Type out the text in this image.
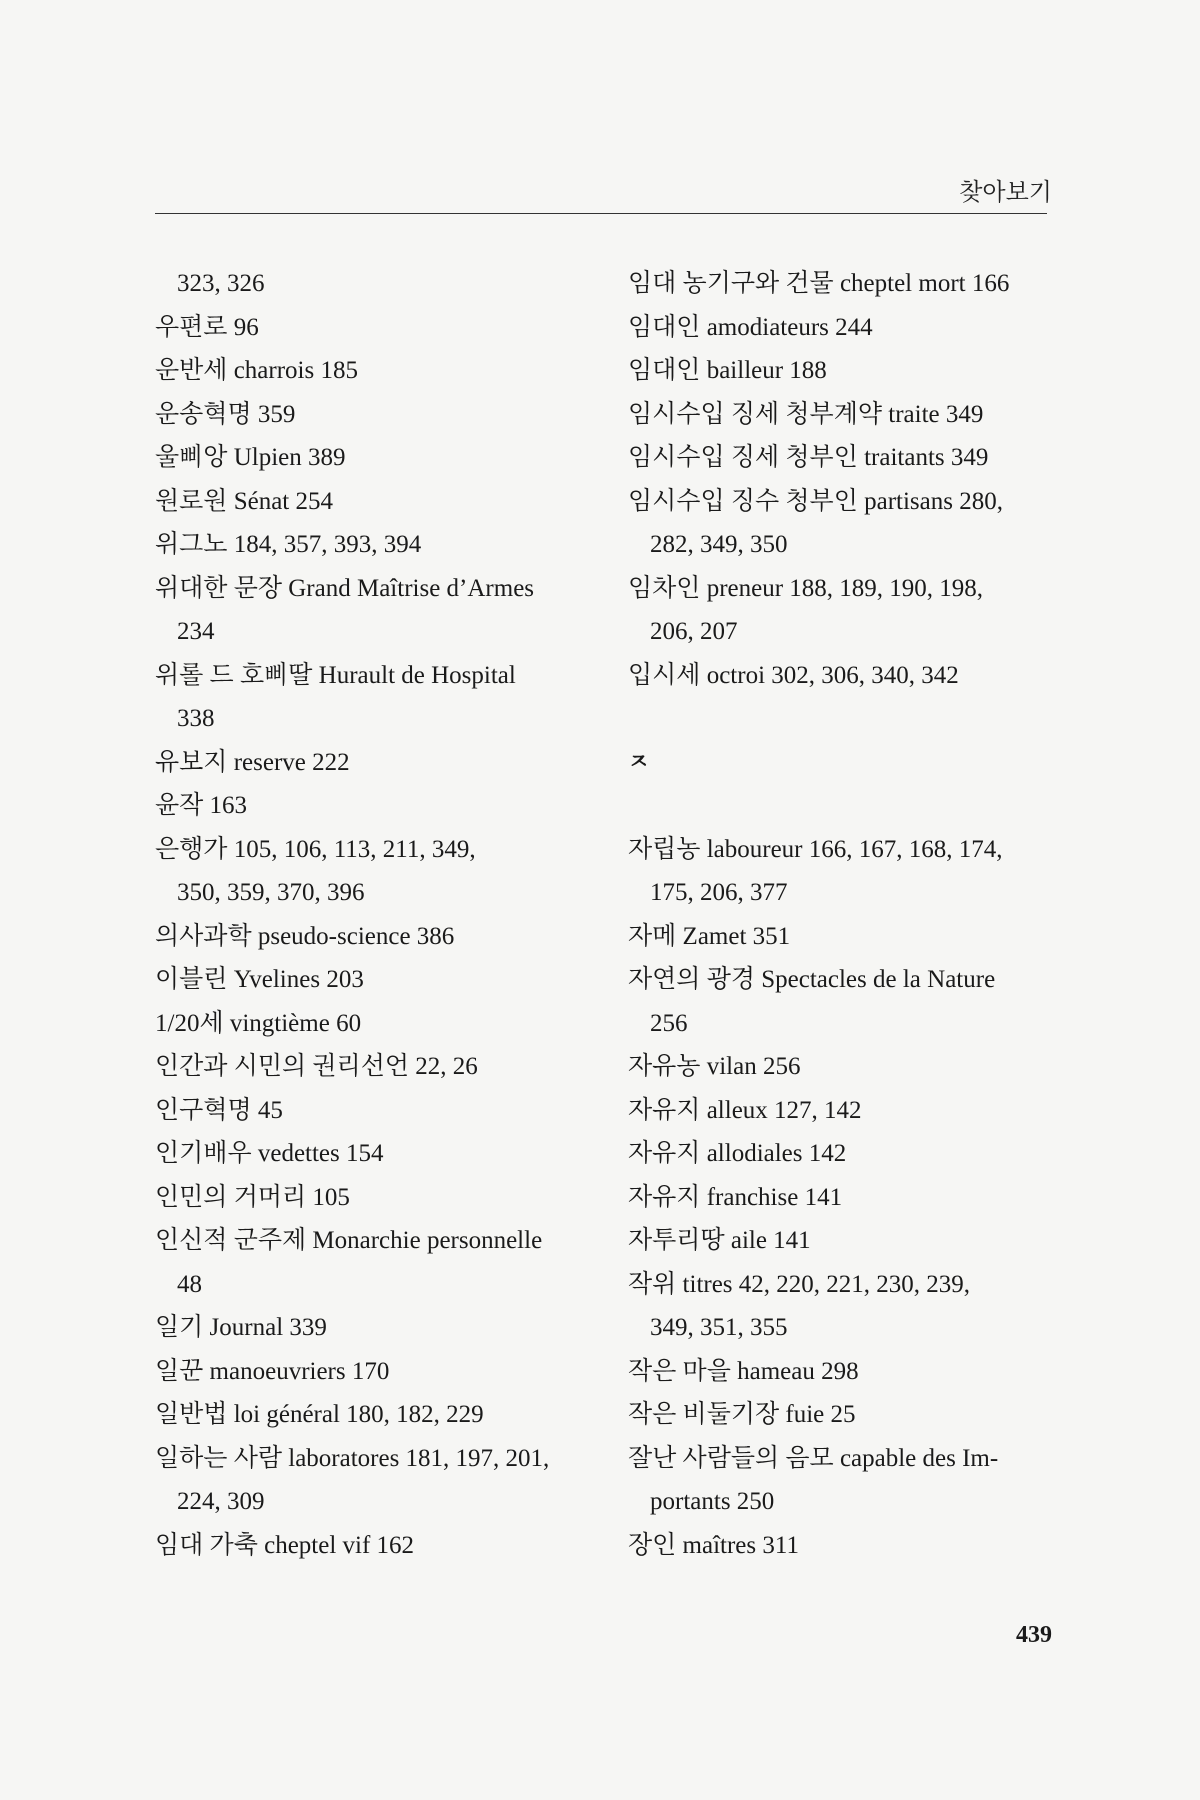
찾아보기
323, 326
우편로 96
운반세 charrois 185
운송혁명 359
울삐앙 Ulpien 389
원로원 Sénat 254
위그노 184, 357, 393, 394
위대한 문장 Grand Maîtrise d’Armes
234
위롤 드 호삐딸 Hurault de Hospital
338
유보지 reserve 222
윤작 163
은행가 105, 106, 113, 211, 349,
350, 359, 370, 396
의사과학 pseudo-science 386
이블린 Yvelines 203
1/20세 vingtième 60
인간과 시민의 권리선언 22, 26
인구혁명 45
인기배우 vedettes 154
인민의 거머리 105
인신적 군주제 Monarchie personnelle
48
일기 Journal 339
일꾼 manoeuvriers 170
일반법 loi général 180, 182, 229
일하는 사람 laboratores 181, 197, 201,
224, 309
임대 가축 cheptel vif 162
임대 농기구와 건물 cheptel mort 166
임대인 amodiateurs 244
임대인 bailleur 188
임시수입 징세 청부계약 traite 349
임시수입 징세 청부인 traitants 349
임시수입 징수 청부인 partisans 280,
282, 349, 350
임차인 preneur 188, 189, 190, 198,
206, 207
입시세 octroi 302, 306, 340, 342
ㅈ
자립농 laboureur 166, 167, 168, 174,
175, 206, 377
자메 Zamet 351
자연의 광경 Spectacles de la Nature
256
자유농 vilan 256
자유지 alleux 127, 142
자유지 allodiales 142
자유지 franchise 141
자투리땅 aile 141
작위 titres 42, 220, 221, 230, 239,
349, 351, 355
작은 마을 hameau 298
작은 비둘기장 fuie 25
잘난 사람들의 음모 capable des Im-
portants 250
장인 maîtres 311
439
